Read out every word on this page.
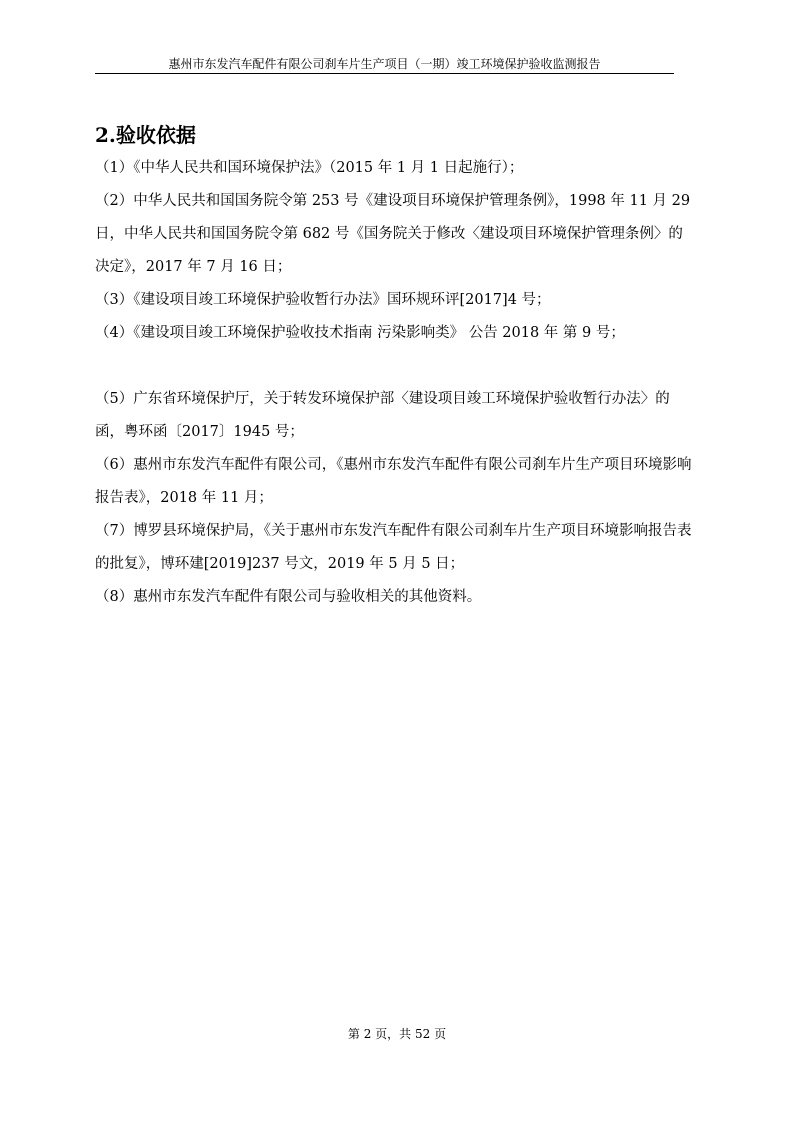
惠州市东发汽车配件有限公司刹车片生产项目（一期）竣工环境保护验收监测报告
2.验收依据
（1）《中华人民共和国环境保护法》（2015 年 1 月 1 日起施行）；
（2）中华人民共和国国务院令第 253 号《建设项目环境保护管理条例》，1998 年 11 月 29 日，中华人民共和国国务院令第 682 号《国务院关于修改〈建设项目环境保护管理条例〉的决定》，2017 年 7 月 16 日；
（3）《建设项目竣工环境保护验收暂行办法》国环规环评[2017]4 号；
（4）《建设项目竣工环境保护验收技术指南 污染影响类》 公告 2018 年 第 9 号；
（5）广东省环境保护厅，关于转发环境保护部〈建设项目竣工环境保护验收暂行办法〉的函，粤环函〔2017〕1945 号；
（6）惠州市东发汽车配件有限公司，《惠州市东发汽车配件有限公司刹车片生产项目环境影响报告表》，2018 年 11 月；
（7）博罗县环境保护局，《关于惠州市东发汽车配件有限公司刹车片生产项目环境影响报告表的批复》，博环建[2019]237 号文，2019 年 5 月 5 日；
（8）惠州市东发汽车配件有限公司与验收相关的其他资料。
第 2 页，共 52 页
